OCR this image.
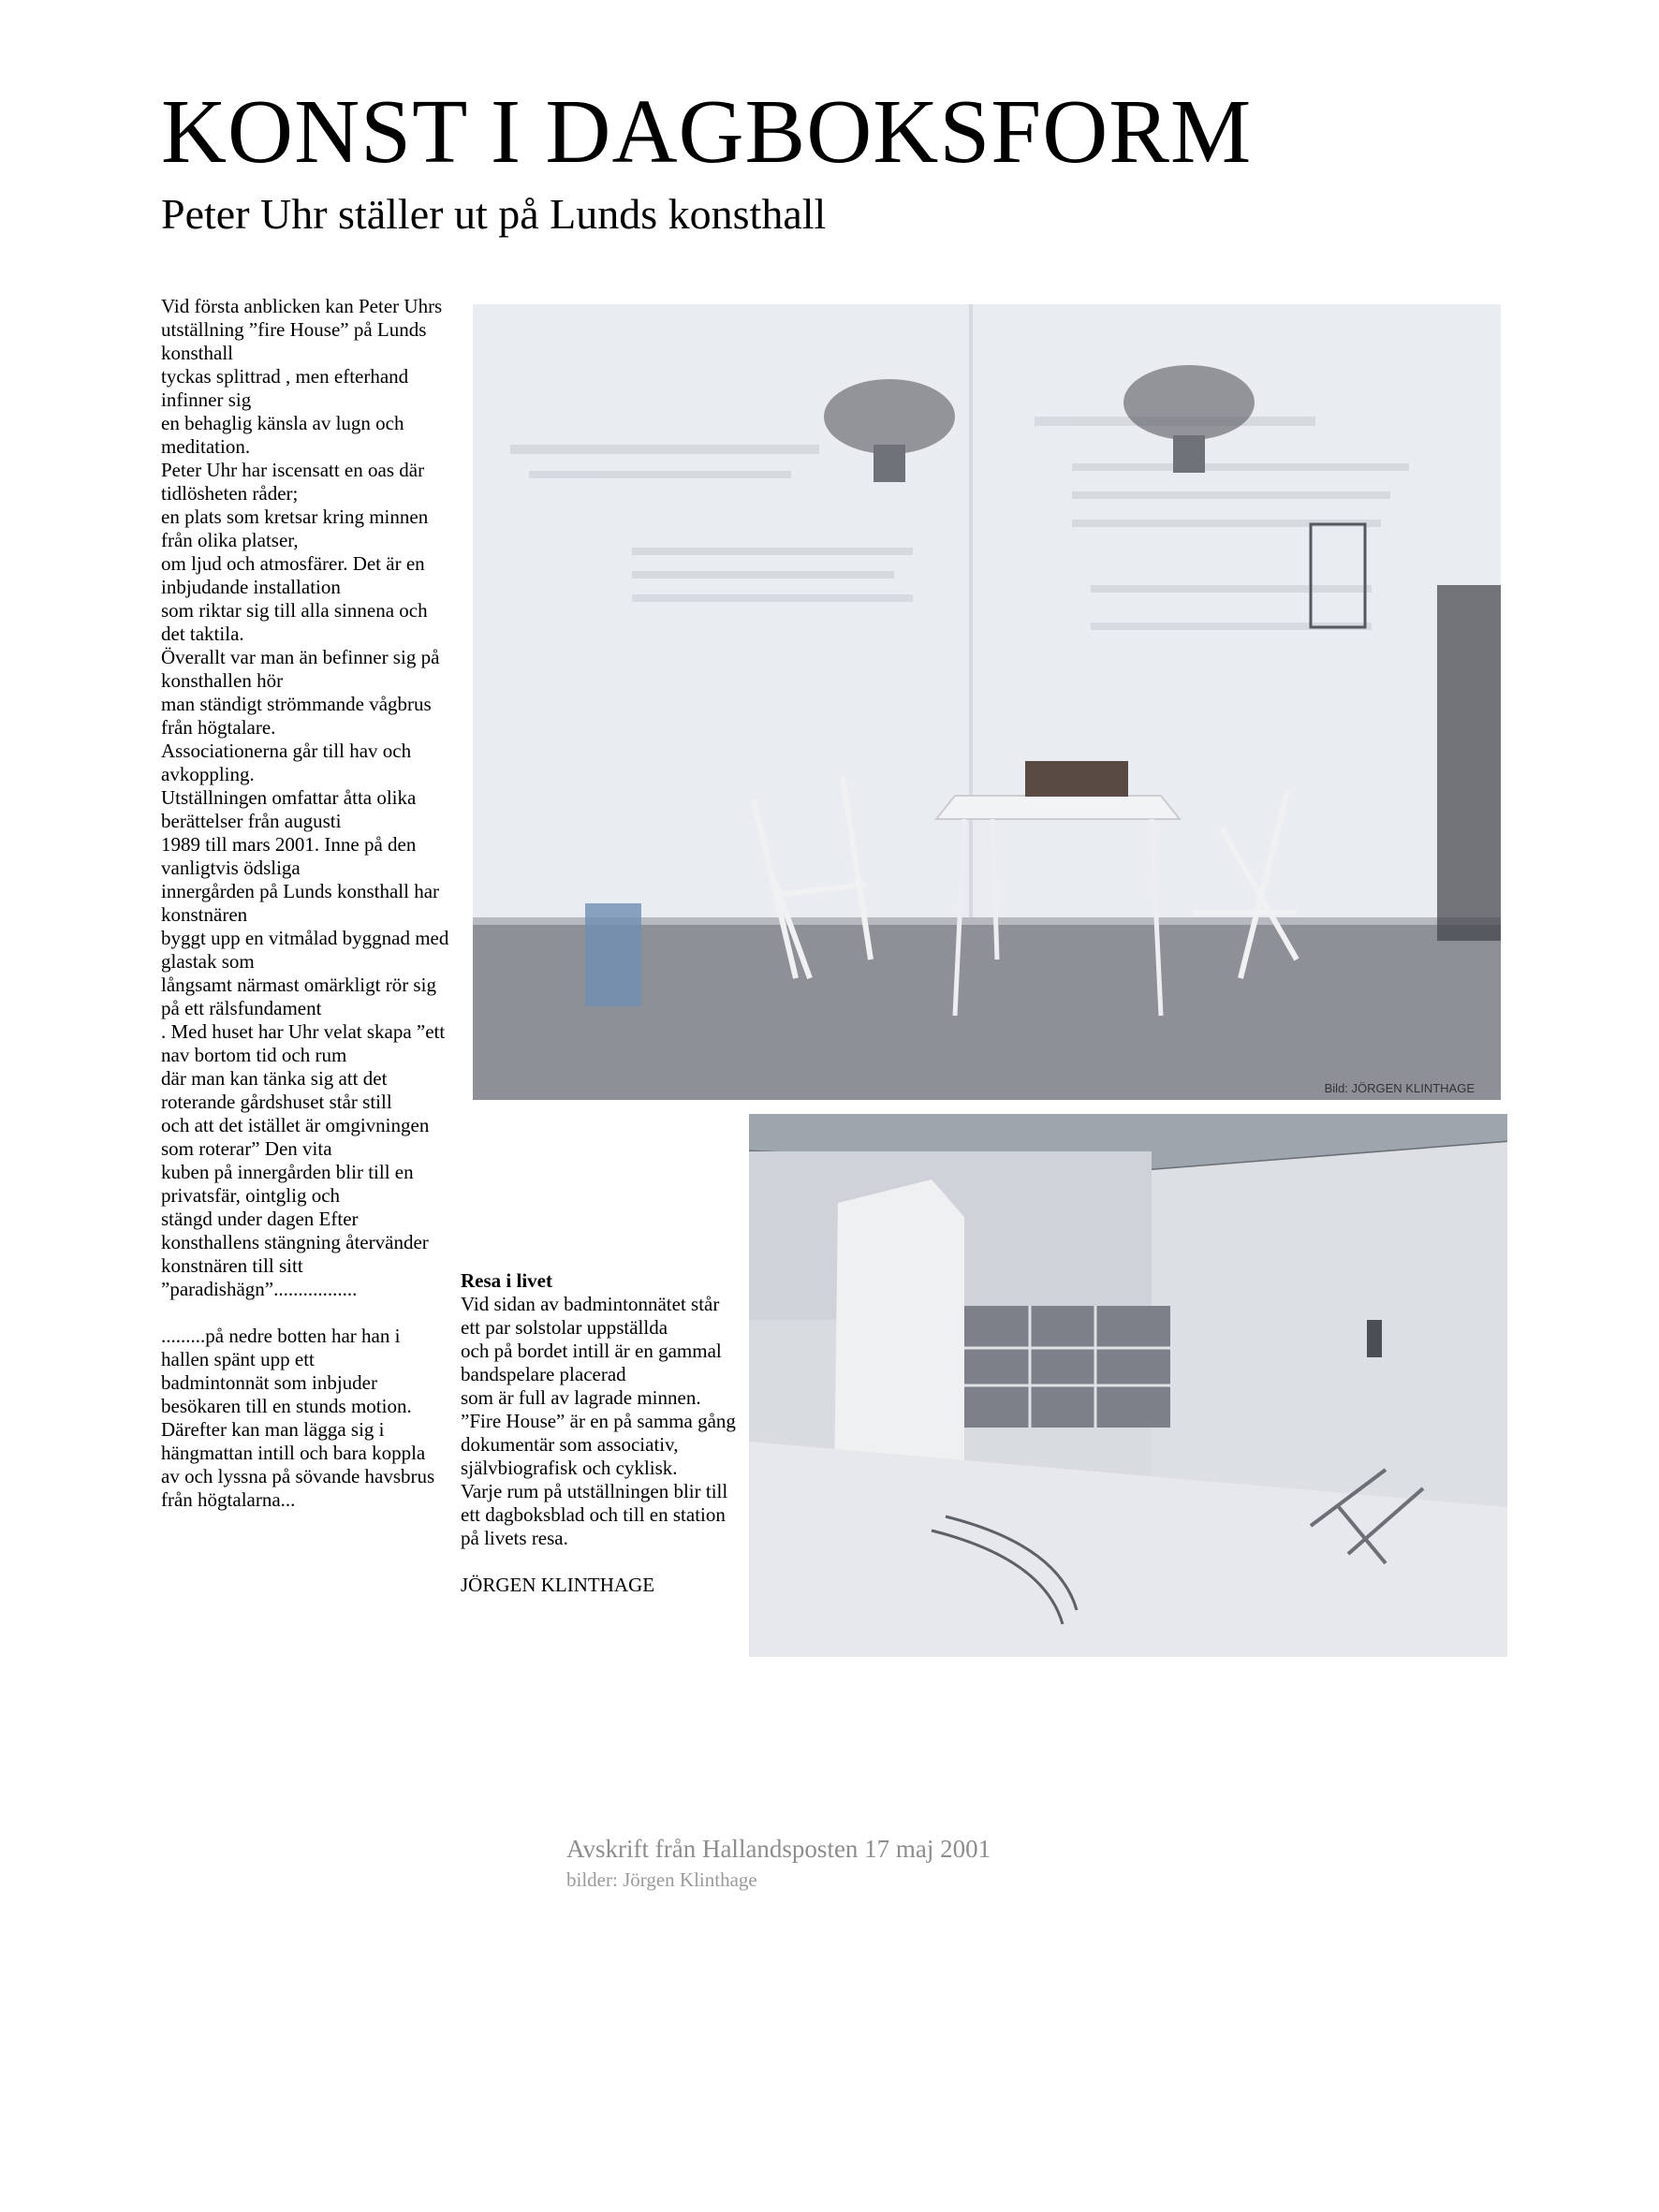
KONST I DAGBOKSFORM
Peter Uhr ställer ut på Lunds konsthall

Vid första anblicken kan Peter Uhrs

utställning ”fire House” på Lunds konsthall

tyckas splittrad , men efterhand infinner sig

en behaglig känsla av lugn och meditation.

Peter Uhr har iscensatt en oas där tidlösheten råder;

en plats som kretsar kring minnen från olika platser,

om ljud och atmosfärer. Det är en inbjudande installation

som riktar sig till alla sinnena och det taktila.

Överallt var man än befinner sig på konsthallen hör

man ständigt strömmande vågbrus från högtalare.

Associationerna går till hav och avkoppling.

Utställningen omfattar åtta olika berättelser från augusti

1989 till mars 2001. Inne på den vanligtvis ödsliga

innergården på Lunds konsthall har konstnären

byggt upp en vitmålad byggnad med glastak som

långsamt närmast omärkligt rör sig på ett rälsfundament

. Med huset har Uhr velat skapa ”ett nav bortom tid och rum

där man kan tänka sig att det roterande gårdshuset står still

och att det istället är omgivningen som roterar” Den vita

kuben på innergården blir till en privatsfär, ointglig och

stängd under dagen Efter konsthallens stängning återvänder

konstnären till sitt ”paradishägn”.................

.........på nedre botten har han i hallen spänt upp ett

badmintonnät som inbjuder besökaren till en stunds motion.

Därefter kan man lägga sig i hängmattan intill och bara koppla

av och lyssna på sövande havsbrus från högtalarna...

Bild: JÖRGEN KLINTHAGE

Resa i livet

Vid sidan av badmintonnätet står ett par solstolar uppställda

och på bordet intill är en gammal bandspelare placerad

som är full av lagrade minnen.

”Fire House” är en på samma gång dokumentär som associativ,

självbiografisk och cyklisk.

Varje rum på utställningen blir till

ett dagboksblad och till en station på livets resa.

JÖRGEN KLINTHAGE

Avskrift från Hallandsposten 17 maj 2001
bilder: Jörgen Klinthage
